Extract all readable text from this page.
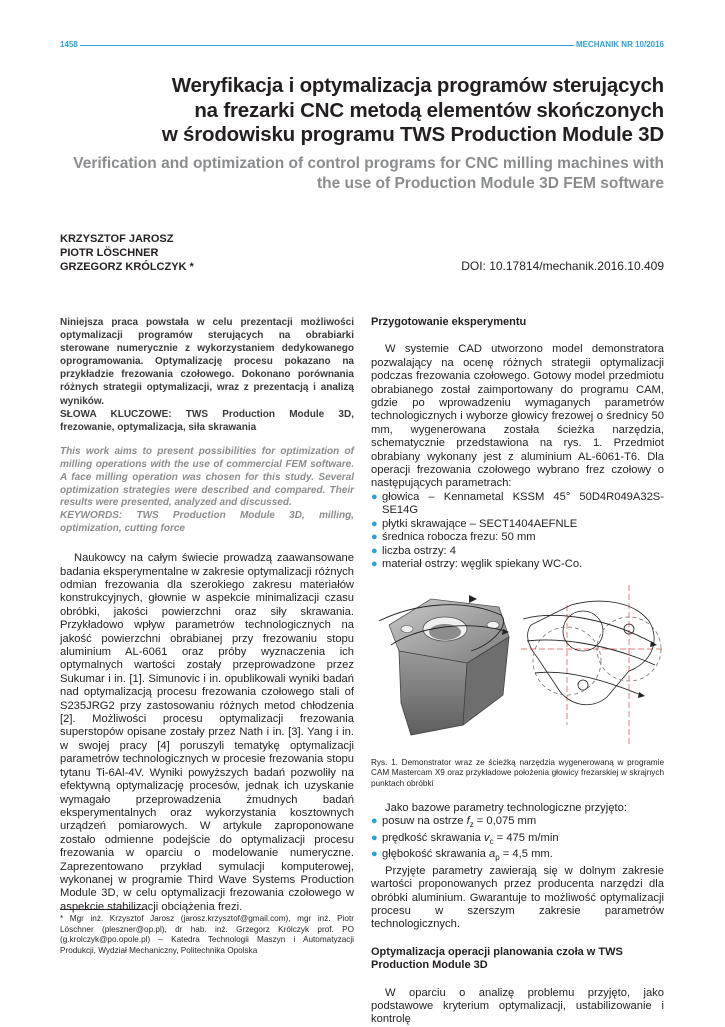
1458	MECHANIK NR 10/2016
Weryfikacja i optymalizacja programów sterujących
na frezarki CNC metodą elementów skończonych
w środowisku programu TWS Production Module 3D
Verification and optimization of control programs for CNC milling machines with
the use of Production Module 3D FEM software
KRZYSZTOF JAROSZ
PIOTR LÖSCHNER
GRZEGORZ KRÓLCZYK *	DOI: 10.17814/mechanik.2016.10.409
Niniejsza praca powstała w celu prezentacji możliwości optymalizacji programów sterujących na obrabiarki sterowane numerycznie z wykorzystaniem dedykowanego oprogramowania. Optymalizację procesu pokazano na przykładzie frezowania czołowego. Dokonano porównania różnych strategii optymalizacji, wraz z prezentacją i analizą wyników.
SŁOWA KLUCZOWE: TWS Production Module 3D, frezowanie, optymalizacja, siła skrawania
This work aims to present possibilities for optimization of milling operations with the use of commercial FEM software. A face milling operation was chosen for this study. Several optimization strategies were described and compared. Their results were presented, analyzed and discussed.
KEYWORDS: TWS Production Module 3D, milling, optimization, cutting force

Naukowcy na całym świecie prowadzą zaawansowane badania eksperymentalne w zakresie optymalizacji różnych odmian frezowania dla szerokiego zakresu materiałów konstrukcyjnych, głownie w aspekcie minimalizacji czasu obróbki, jakości powierzchni oraz siły skrawania. Przykładowo wpływ parametrów technologicznych na jakość powierzchni obrabianej przy frezowaniu stopu aluminium AL-6061 oraz próby wyznaczenia ich optymalnych wartości zostały przeprowadzone przez Sukumar i in. [1]. Simunovic i in. opublikowali wyniki badań nad optymalizacją procesu frezowania czołowego stali of S235JRG2 przy zastosowaniu różnych metod chłodzenia [2]. Możliwości procesu optymalizacji frezowania superstopów opisane zostały przez Nath i in. [3]. Yang i in. w swojej pracy [4] poruszyli tematykę optymalizacji parametrów technologicznych w procesie frezowania stopu tytanu Ti-6Al-4V. Wyniki powyższych badań pozwoliły na efektywną optymalizację procesów, jednak ich uzyskanie wymagało przeprowadzenia żmudnych badań eksperymentalnych oraz wykorzystania kosztownych urządzeń pomiarowych. W artykule zaproponowane zostało odmienne podejście do optymalizacji procesu frezowania w oparciu o modelowanie numeryczne. Zaprezentowano przykład symulacji komputerowej, wykonanej w programie Third Wave Systems Production Module 3D, w celu optymalizacji frezowania czołowego w aspekcie stabilizacji obciążenia frezi.

* Mgr inż. Krzysztof Jarosz (jarosz.krzysztof@gmail.com), mgr inż. Piotr Löschner (pleszner@op.pl), dr hab. inż. Grzegorz Królczyk prof. PO (g.krolczyk@po.opole.pl) – Katedra Technologii Maszyn i Automatyzacji Produkcji, Wydział Mechaniczny, Politechnika Opolska
Przygotowanie eksperymentu

W systemie CAD utworzono model demonstratora pozwalający na ocenę różnych strategii optymalizacji podczas frezowania czołowego. Gotowy model przedmiotu obrabianego został zaimportowany do programu CAM, gdzie po wprowadzeniu wymaganych parametrów technologicznych i wyborze głowicy frezowej o średnicy 50 mm, wygenerowana została ścieżka narzędzia, schematycznie przedstawiona na rys. 1. Przedmiot obrabiany wykonany jest z aluminium AL-6061-T6. Dla operacji frezowania czołowego wybrano frez czołowy o następujących parametrach:

● głowica – Kennametal KSSM 45° 50D4R049A32S-SE14G
● płytki skrawające – SECT1404AEFNLE
● średnica robocza frezu: 50 mm
● liczba ostrzy: 4
● materiał ostrzy: węglik spiekany WC-Co.
Rys. 1. Demonstrator wraz ze ścieżką narzędzia wygenerowaną w programie CAM Mastercam X9 oraz przykładowe położenia głowicy frezarskiej w skrajnych punktach obróbki

Jako bazowe parametry technologiczne przyjęto:

● posuw na ostrze $f_z = 0,075$ mm
● prędkość skrawania $v_c = 475$ m/min
● głębokość skrawania $a_p = 4,5$ mm.

Przyjęte parametry zawierają się w dolnym zakresie wartości proponowanych przez producenta narzędzi dla obróbki aluminium. Gwarantuje to możliwość optymalizacji procesu w szerszym zakresie parametrów technologicznych.

Optymalizacja operacji planowania czoła w TWS Production Module 3D

W oparciu o analizę problemu przyjęto, jako podstawowe kryterium optymalizacji, ustabilizowanie i kontrolę
